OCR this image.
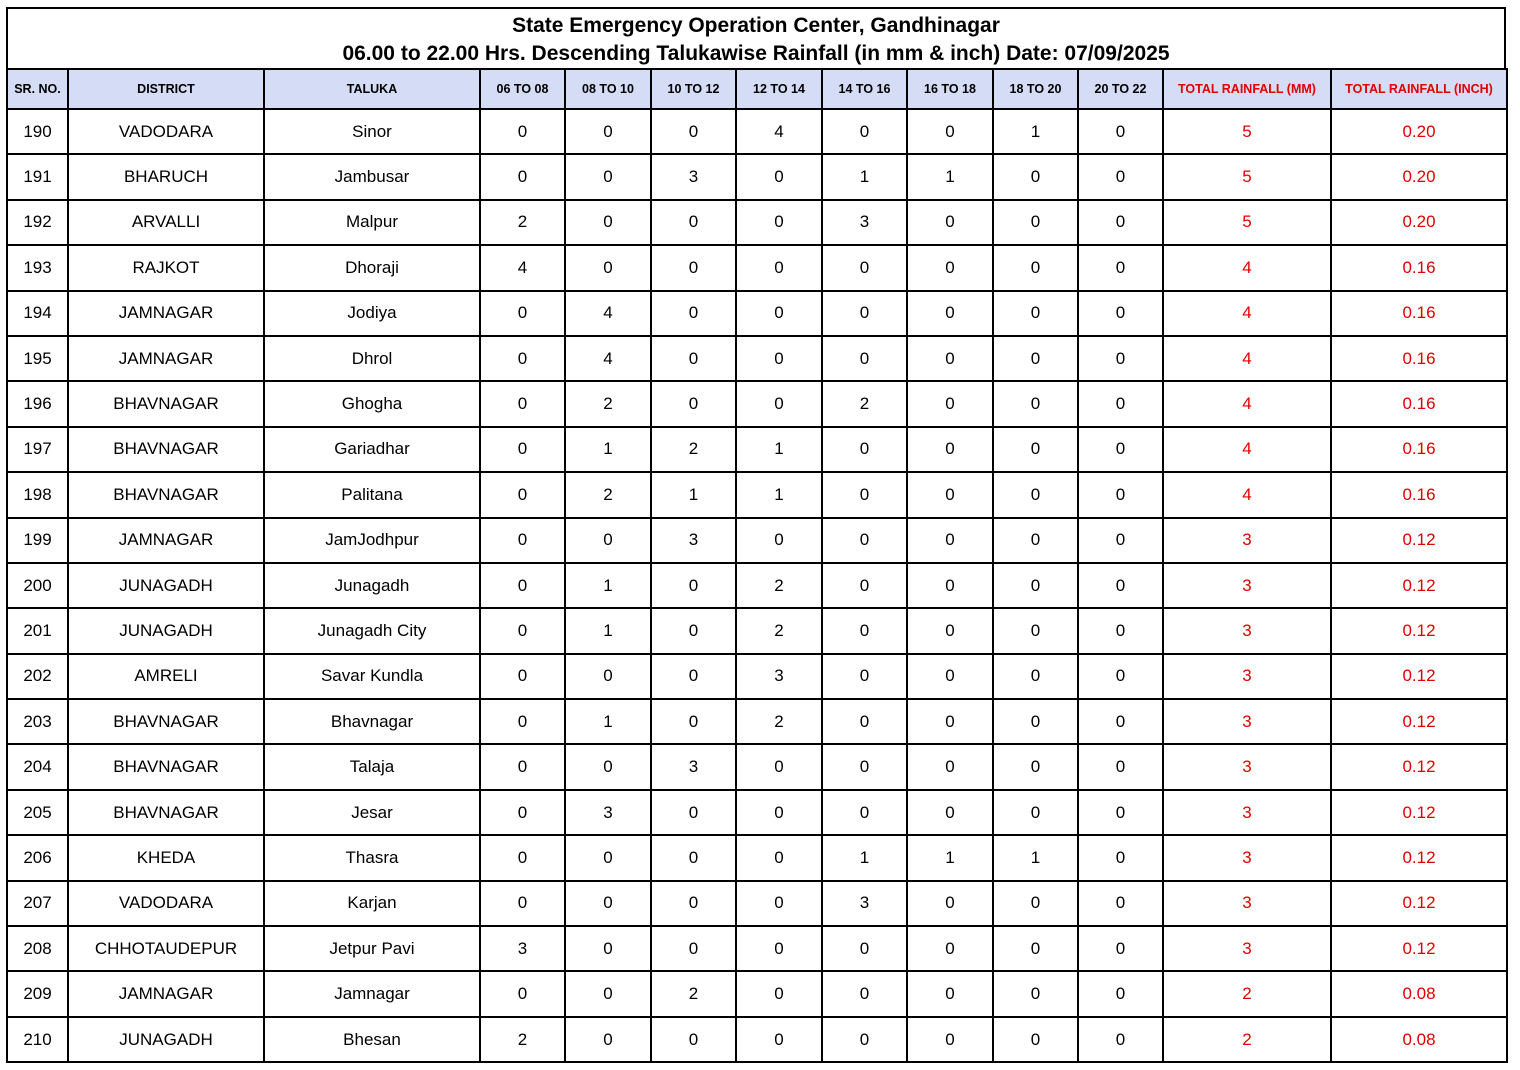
State Emergency Operation Center, Gandhinagar
06.00 to 22.00 Hrs. Descending Talukawise Rainfall (in mm & inch) Date: 07/09/2025
SR. NO.	DISTRICT	TALUKA	06 TO 08	08 TO 10	10 TO 12	12 TO 14	14 TO 16	16 TO 18	18 TO 20	20 TO 22	TOTAL RAINFALL (MM)	TOTAL RAINFALL (INCH)
190	VADODARA	Sinor	0	0	0	4	0	0	1	0	5	0.20
191	BHARUCH	Jambusar	0	0	3	0	1	1	0	0	5	0.20
192	ARVALLI	Malpur	2	0	0	0	3	0	0	0	5	0.20
193	RAJKOT	Dhoraji	4	0	0	0	0	0	0	0	4	0.16
194	JAMNAGAR	Jodiya	0	4	0	0	0	0	0	0	4	0.16
195	JAMNAGAR	Dhrol	0	4	0	0	0	0	0	0	4	0.16
196	BHAVNAGAR	Ghogha	0	2	0	0	2	0	0	0	4	0.16
197	BHAVNAGAR	Gariadhar	0	1	2	1	0	0	0	0	4	0.16
198	BHAVNAGAR	Palitana	0	2	1	1	0	0	0	0	4	0.16
199	JAMNAGAR	JamJodhpur	0	0	3	0	0	0	0	0	3	0.12
200	JUNAGADH	Junagadh	0	1	0	2	0	0	0	0	3	0.12
201	JUNAGADH	Junagadh City	0	1	0	2	0	0	0	0	3	0.12
202	AMRELI	Savar Kundla	0	0	0	3	0	0	0	0	3	0.12
203	BHAVNAGAR	Bhavnagar	0	1	0	2	0	0	0	0	3	0.12
204	BHAVNAGAR	Talaja	0	0	3	0	0	0	0	0	3	0.12
205	BHAVNAGAR	Jesar	0	3	0	0	0	0	0	0	3	0.12
206	KHEDA	Thasra	0	0	0	0	1	1	1	0	3	0.12
207	VADODARA	Karjan	0	0	0	0	3	0	0	0	3	0.12
208	CHHOTAUDEPUR	Jetpur Pavi	3	0	0	0	0	0	0	0	3	0.12
209	JAMNAGAR	Jamnagar	0	0	2	0	0	0	0	0	2	0.08
210	JUNAGADH	Bhesan	2	0	0	0	0	0	0	0	2	0.08
